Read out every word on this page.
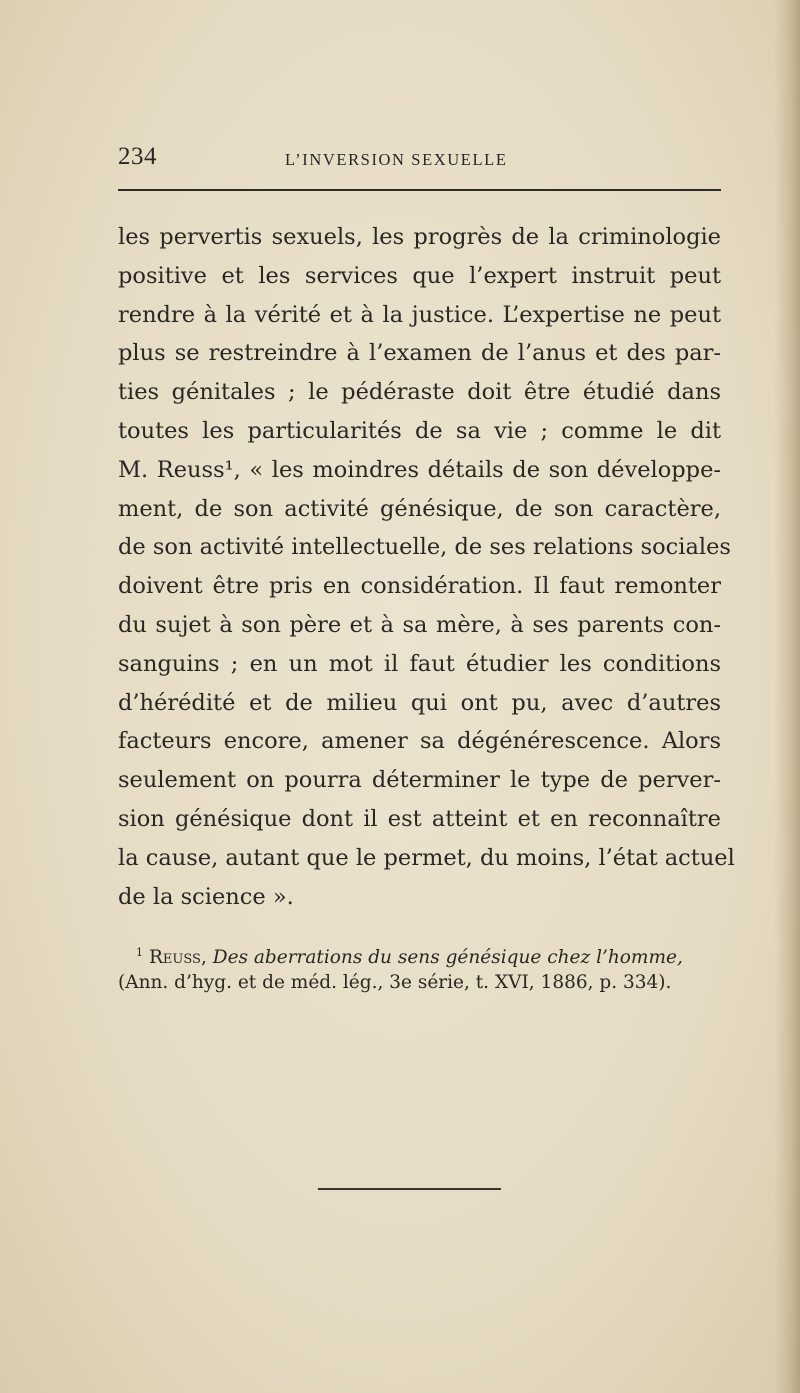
234	L’INVERSION SEXUELLE
les pervertis sexuels, les progrès de la criminologie
positive et les services que l’expert instruit peut
rendre à la vérité et à la justice. L’expertise ne peut
plus se restreindre à l’examen de l’anus et des par-
ties génitales ; le pédéraste doit être étudié dans
toutes les particularités de sa vie ; comme le dit
M. Reuss¹, « les moindres détails de son développe-
ment, de son activité génésique, de son caractère,
de son activité intellectuelle, de ses relations sociales
doivent être pris en considération. Il faut remonter
du sujet à son père et à sa mère, à ses parents con-
sanguins ; en un mot il faut étudier les conditions
d’hérédité et de milieu qui ont pu, avec d’autres
facteurs encore, amener sa dégénérescence. Alors
seulement on pourra déterminer le type de perver-
sion génésique dont il est atteint et en reconnaître
la cause, autant que le permet, du moins, l’état actuel
de la science ».
$^1$ Reuss, Des aberrations du sens génésique chez l’homme,
(Ann. d’hyg. et de méd. lég., 3e série, t. XVI, 1886, p. 334).
